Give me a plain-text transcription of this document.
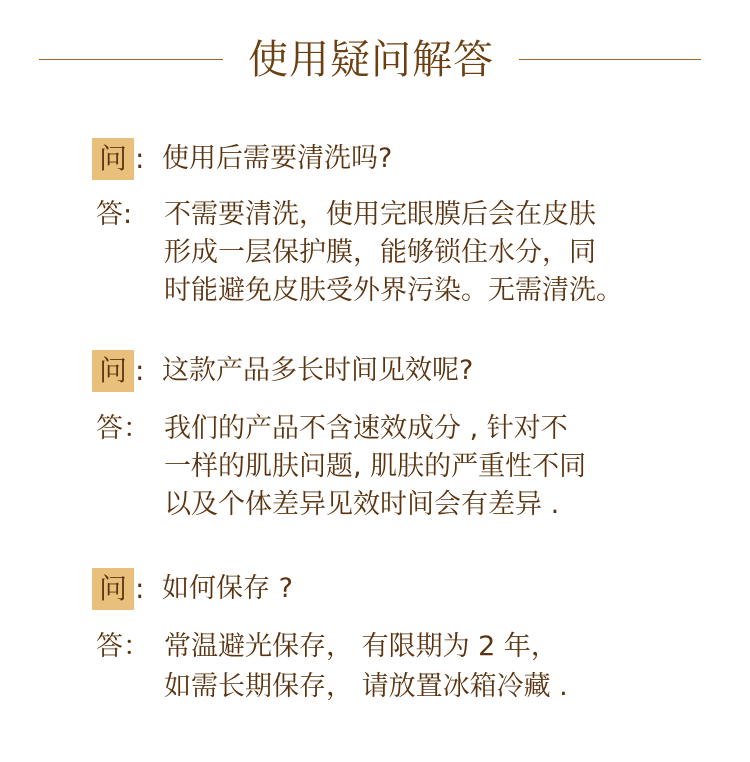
使用疑问解答
问 : 使用后需要清洗吗?
答: 不需要清洗，使用完眼膜后会在皮肤
形成一层保护膜，能够锁住水分，同
时能避免皮肤受外界污染。无需清洗。
问 : 这款产品多长时间见效呢?
答： 我们的产品不含速效成分 , 针对不
一样的肌肤问题, 肌肤的严重性不同
以及个体差异见效时间会有差异 .
问 : 如何保存 ?
答： 常温避光保存， 有限期为 2 年，
如需长期保存， 请放置冰箱冷藏 .
